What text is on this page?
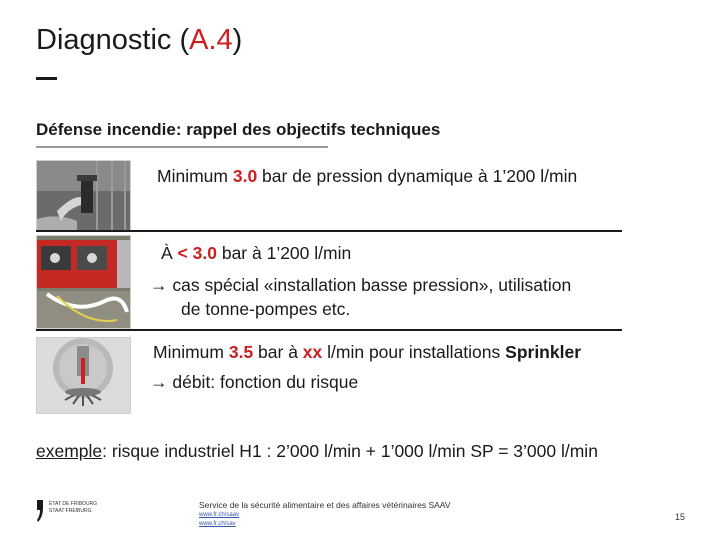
Diagnostic (A.4)
Défense incendie: rappel des objectifs techniques
Minimum 3.0 bar de pression dynamique à 1’200 l/min
À < 3.0 bar à 1’200 l/min
→ cas spécial «installation basse pression», utilisation
de tonne-pompes etc.
Minimum 3.5 bar à xx l/min pour installations Sprinkler
→ débit: fonction du risque
exemple: risque industriel H1 : 2’000 l/min + 1’000 l/min SP = 3’000 l/min
ETAT DE FRIBOURG
STAAT FREIBURG
Service de la sécurité alimentaire et des affaires vétérinaires SAAV
www.fr.ch/saav
www.fr.ch/sav
15
